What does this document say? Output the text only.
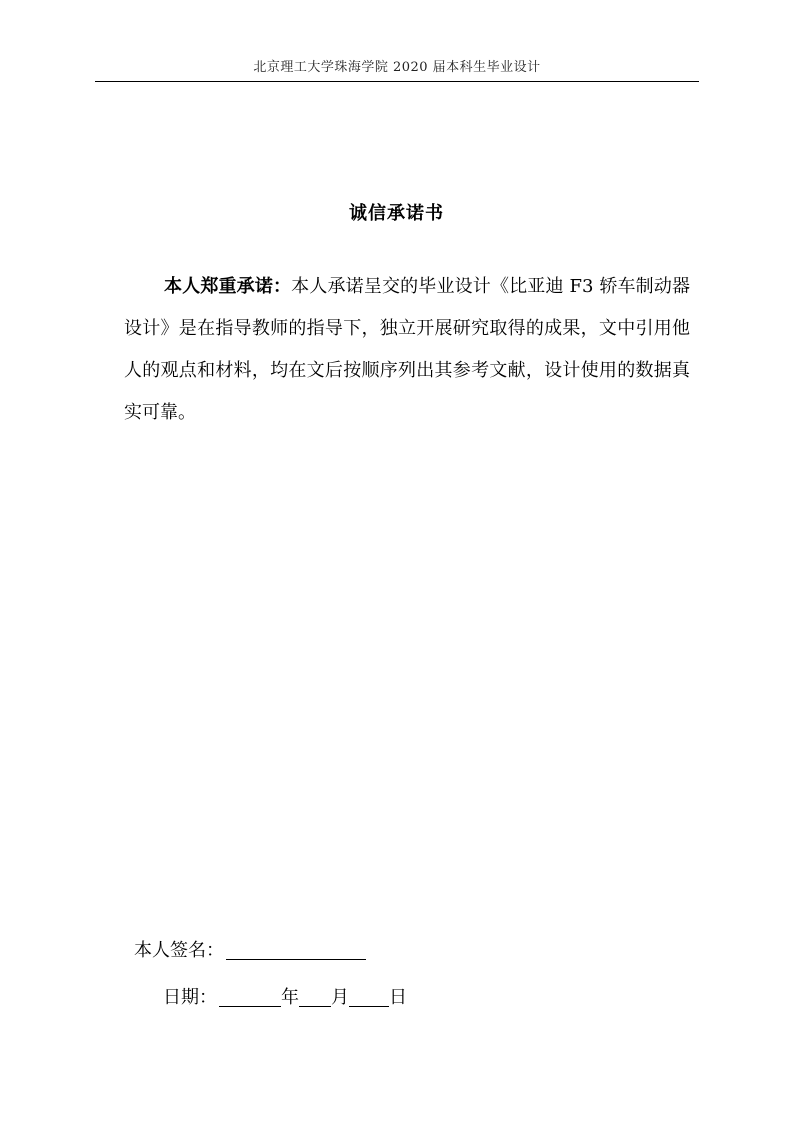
北京理工大学珠海学院 2020 届本科生毕业设计
诚信承诺书

本人郑重承诺：本人承诺呈交的毕业设计《比亚迪 F3 轿车制动器设计》是在指导教师的指导下，独立开展研究取得的成果，文中引用他人的观点和材料，均在文后按顺序列出其参考文献，设计使用的数据真实可靠。

本人签名：
日期：	年 月 日
